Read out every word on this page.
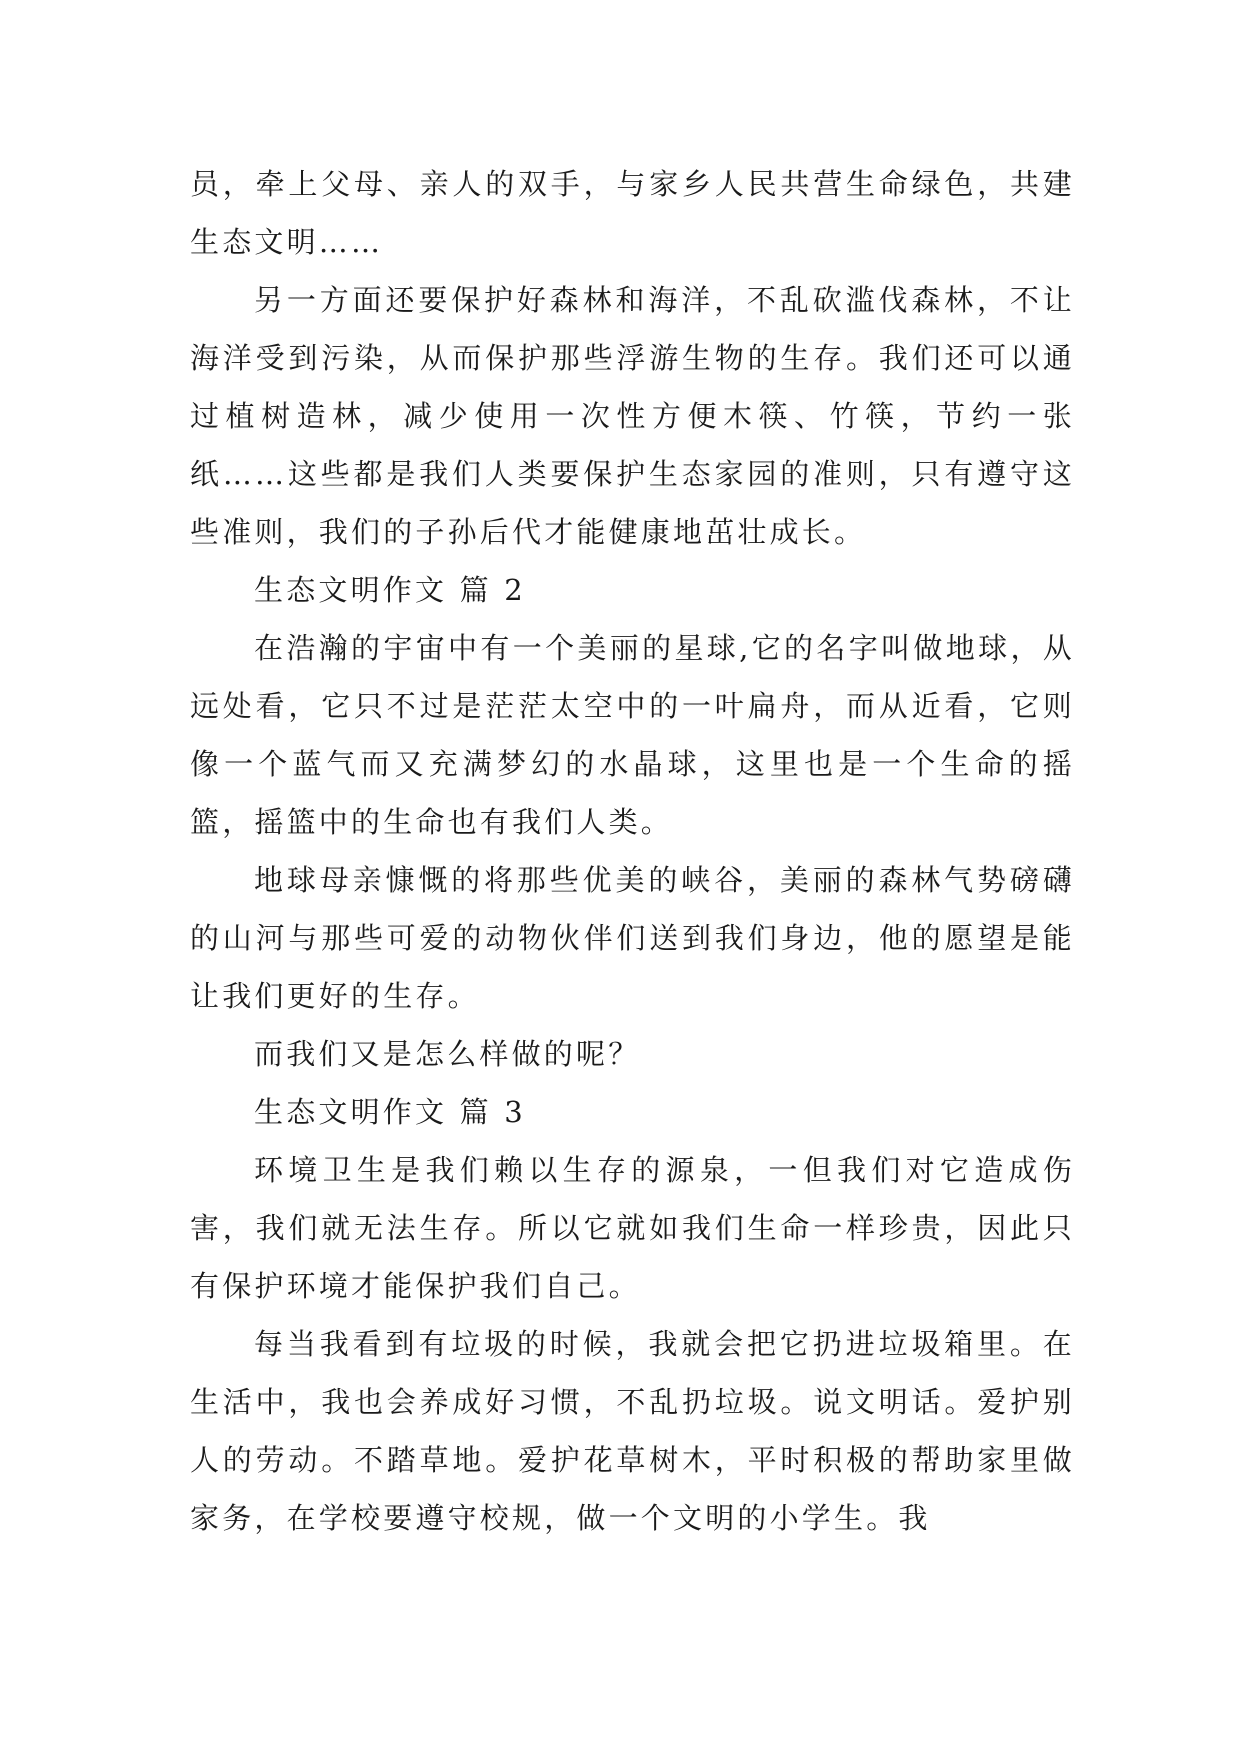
员，牵上父母、亲人的双手，与家乡人民共营生命绿色，共建生态文明……

另一方面还要保护好森林和海洋，不乱砍滥伐森林，不让海洋受到污染，从而保护那些浮游生物的生存。我们还可以通过植树造林，减少使用一次性方便木筷、竹筷，节约一张纸……这些都是我们人类要保护生态家园的准则，只有遵守这些准则，我们的子孙后代才能健康地茁壮成长。

生态文明作文 篇 2

在浩瀚的宇宙中有一个美丽的星球,它的名字叫做地球，从远处看，它只不过是茫茫太空中的一叶扁舟，而从近看，它则像一个蓝气而又充满梦幻的水晶球，这里也是一个生命的摇篮，摇篮中的生命也有我们人类。

地球母亲慷慨的将那些优美的峡谷，美丽的森林气势磅礴的山河与那些可爱的动物伙伴们送到我们身边，他的愿望是能让我们更好的生存。

而我们又是怎么样做的呢？

生态文明作文 篇 3

环境卫生是我们赖以生存的源泉，一但我们对它造成伤害，我们就无法生存。所以它就如我们生命一样珍贵，因此只有保护环境才能保护我们自己。

每当我看到有垃圾的时候，我就会把它扔进垃圾箱里。在生活中，我也会养成好习惯，不乱扔垃圾。说文明话。爱护别人的劳动。不踏草地。爱护花草树木，平时积极的帮助家里做家务，在学校要遵守校规，做一个文明的小学生。我
